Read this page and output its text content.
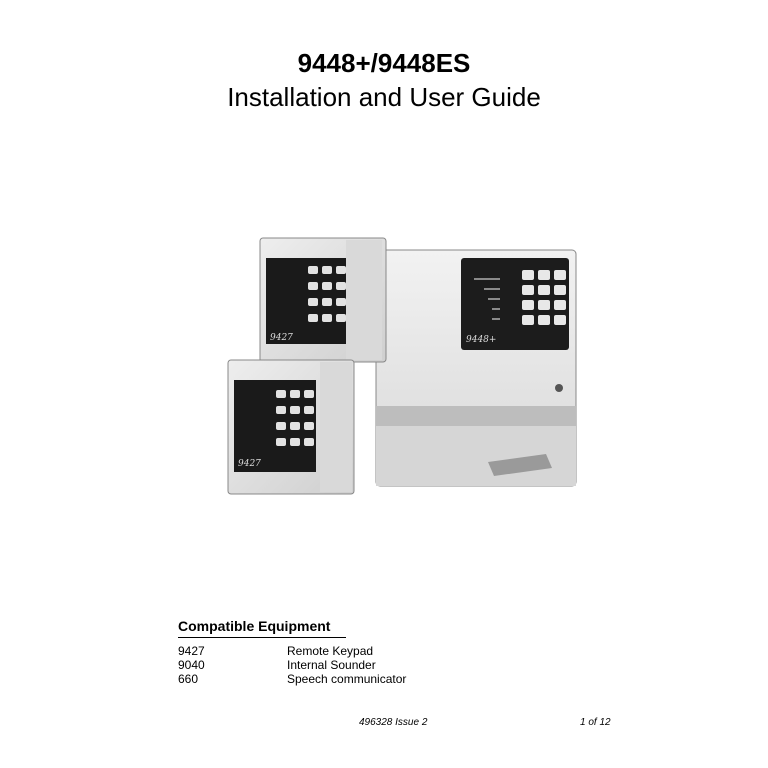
9448+/9448ES
Installation and User Guide
9448+
9427
9427
Compatible Equipment
9427	Remote Keypad
9040	Internal Sounder
660	Speech communicator
496328 Issue 2	1 of 12
